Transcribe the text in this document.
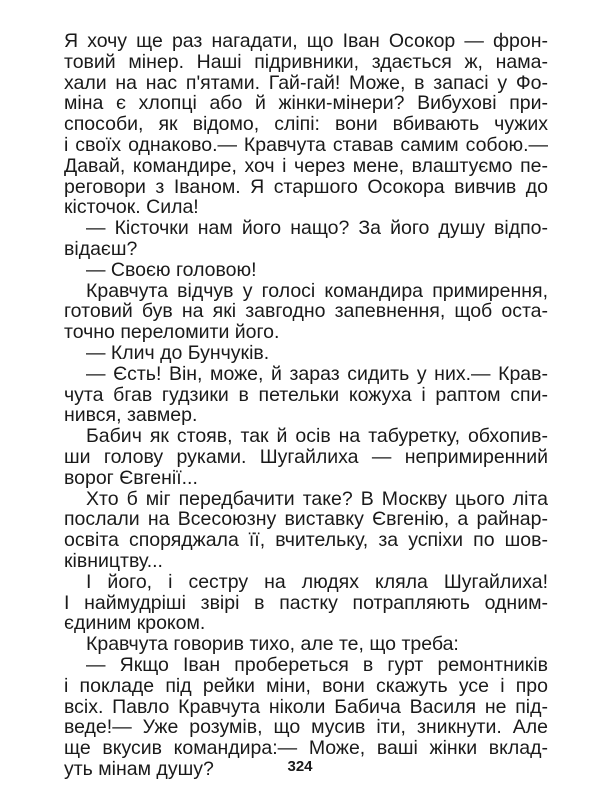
Я хочу ще раз нагадати, що Іван Осокор — фрон-
товий мінер. Наші підривники, здається ж, нама-
хали на нас п'ятами. Гай-гай! Може, в запасі у Фо-
міна є хлопці або й жінки-мінери? Вибухові при-
способи, як відомо, сліпі: вони вбивають чужих
і своїх однаково.— Кравчута ставав самим собою.—
Давай, командире, хоч і через мене, влаштуємо пе-
реговори з Іваном. Я старшого Осокора вивчив до
кісточок. Сила!
— Кісточки нам його нащо? За його душу відпо-
відаєш?
— Своєю головою!
Кравчута відчув у голосі командира примирення,
готовий був на які завгодно запевнення, щоб оста-
точно переломити його.
— Клич до Бунчуків.
— Єсть! Він, може, й зараз сидить у них.— Крав-
чута бгав гудзики в петельки кожуха і раптом спи-
нився, завмер.
Бабич як стояв, так й осів на табуретку, обхопив-
ши голову руками. Шугайлиха — непримиренний
ворог Євгенії...
Хто б міг передбачити таке? В Москву цього літа
послали на Всесоюзну виставку Євгенію, а райнар-
освіта споряджала її, вчительку, за успіхи по шов-
ківництву...
І його, і сестру на людях кляла Шугайлиха!
І наймудріші звірі в пастку потрапляють одним-
єдиним кроком.
Кравчута говорив тихо, але те, що треба:
— Якщо Іван пробереться в гурт ремонтників
і покладе під рейки міни, вони скажуть усе і про
всіх. Павло Кравчута ніколи Бабича Василя не під-
веде!— Уже розумів, що мусив іти, зникнути. Але
ще вкусив командира:— Може, ваші жінки вклад-
уть мінам душу?	324
